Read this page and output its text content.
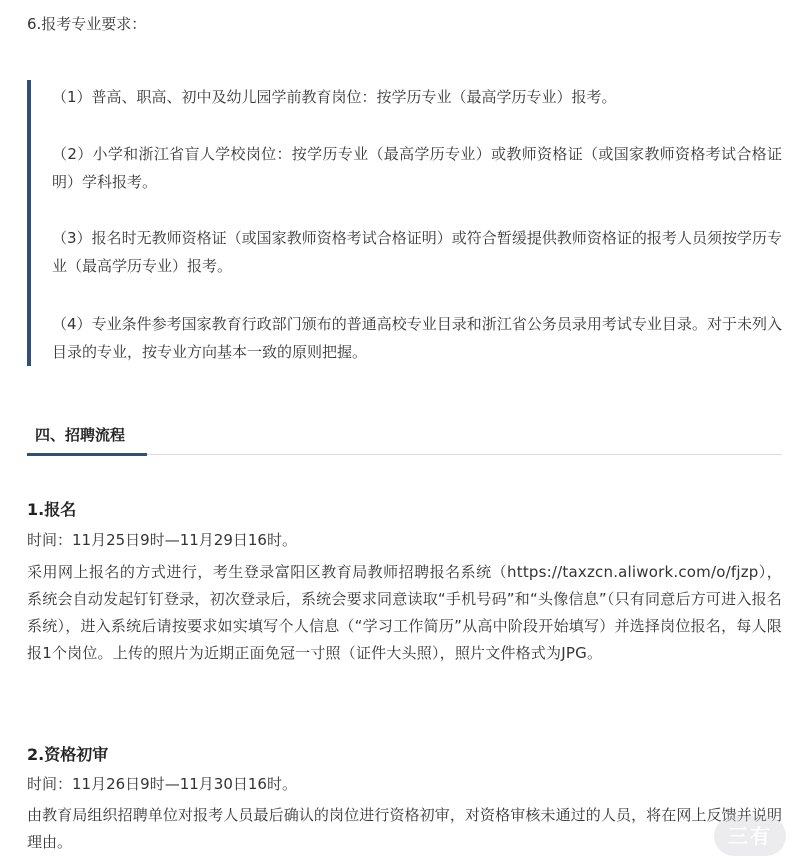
6.报考专业要求：
（1）普高、职高、初中及幼儿园学前教育岗位：按学历专业（最高学历专业）报考。
（2）小学和浙江省盲人学校岗位：按学历专业（最高学历专业）或教师资格证（或国家教师资格考试合格证明）学科报考。
（3）报名时无教师资格证（或国家教师资格考试合格证明）或符合暂缓提供教师资格证的报考人员须按学历专业（最高学历专业）报考。
（4）专业条件参考国家教育行政部门颁布的普通高校专业目录和浙江省公务员录用考试专业目录。对于未列入目录的专业，按专业方向基本一致的原则把握。
四、招聘流程
1.报名
时间：11月25日9时—11月29日16时。
采用网上报名的方式进行，考生登录富阳区教育局教师招聘报名系统（https://taxzcn.aliwork.com/o/fjzp），系统会自动发起钉钉登录，初次登录后，系统会要求同意读取“手机号码”和“头像信息”（只有同意后方可进入报名系统），进入系统后请按要求如实填写个人信息（“学习工作简历”从高中阶段开始填写）并选择岗位报名，每人限报1个岗位。上传的照片为近期正面免冠一寸照（证件大头照），照片文件格式为JPG。
2.资格初审
时间：11月26日9时—11月30日16时。
由教育局组织招聘单位对报考人员最后确认的岗位进行资格初审，对资格审核未通过的人员，将在网上反馈并说明理由。	三有
